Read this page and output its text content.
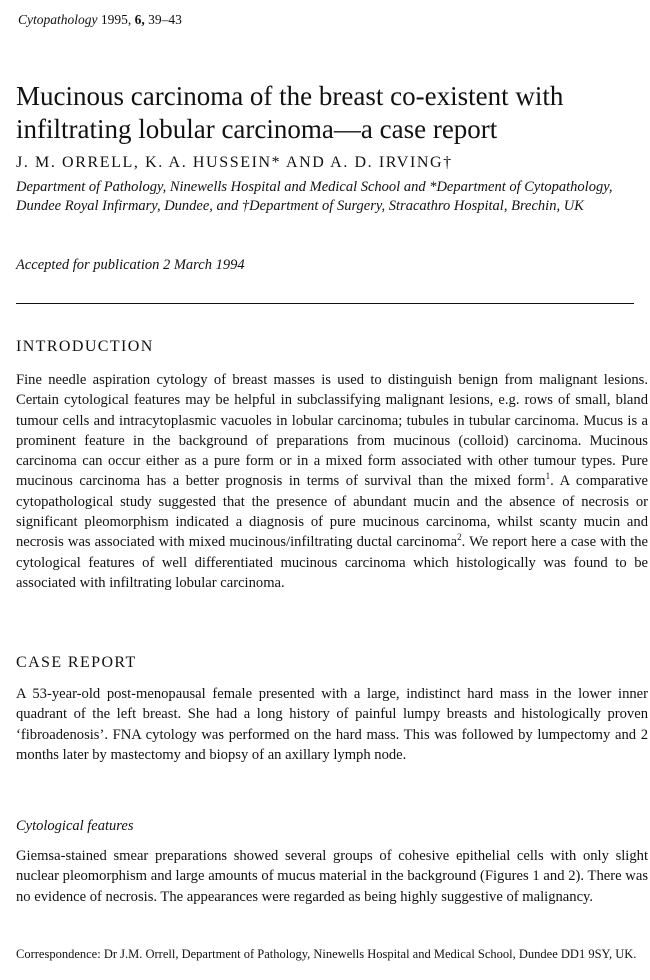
Cytopathology 1995, 6, 39–43
Mucinous carcinoma of the breast co-existent with infiltrating lobular carcinoma—a case report
J. M. ORRELL, K. A. HUSSEIN* AND A. D. IRVING†
Department of Pathology, Ninewells Hospital and Medical School and *Department of Cytopathology, Dundee Royal Infirmary, Dundee, and †Department of Surgery, Stracathro Hospital, Brechin, UK
Accepted for publication 2 March 1994
INTRODUCTION

Fine needle aspiration cytology of breast masses is used to distinguish benign from malignant lesions. Certain cytological features may be helpful in subclassifying malignant lesions, e.g. rows of small, bland tumour cells and intracytoplasmic vacuoles in lobular carcinoma; tubules in tubular carcinoma. Mucus is a prominent feature in the background of preparations from mucinous (colloid) carcinoma. Mucinous carcinoma can occur either as a pure form or in a mixed form associated with other tumour types. Pure mucinous carcinoma has a better prognosis in terms of survival than the mixed form$^1$. A comparative cytopathological study suggested that the presence of abundant mucin and the absence of necrosis or significant pleomorphism indicated a diagnosis of pure mucinous carcinoma, whilst scanty mucin and necrosis was associated with mixed mucinous/infiltrating ductal carcinoma$^2$. We report here a case with the cytological features of well differentiated mucinous carcinoma which histologically was found to be associated with infiltrating lobular carcinoma.

CASE REPORT

A 53-year-old post-menopausal female presented with a large, indistinct hard mass in the lower inner quadrant of the left breast. She had a long history of painful lumpy breasts and histologically proven ‘fibroadenosis’. FNA cytology was performed on the hard mass. This was followed by lumpectomy and 2 months later by mastectomy and biopsy of an axillary lymph node.

Cytological features

Giemsa-stained smear preparations showed several groups of cohesive epithelial cells with only slight nuclear pleomorphism and large amounts of mucus material in the background (Figures 1 and 2). There was no evidence of necrosis. The appearances were regarded as being highly suggestive of malignancy.

Correspondence: Dr J.M. Orrell, Department of Pathology, Ninewells Hospital and Medical School, Dundee DD1 9SY, UK.
